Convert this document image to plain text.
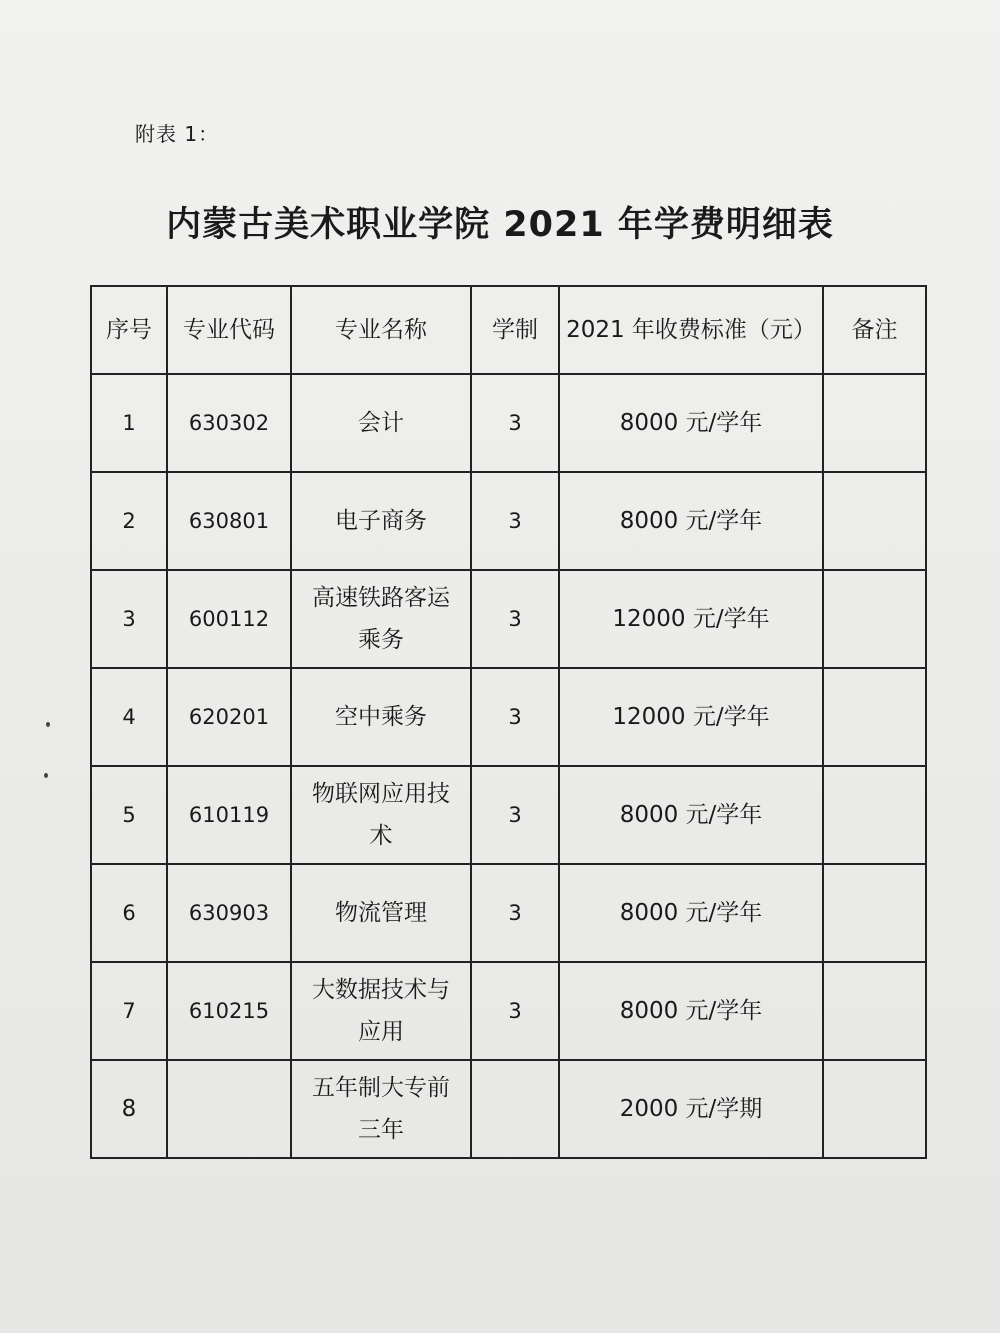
附表 1：
内蒙古美术职业学院 2021 年学费明细表
序号	专业代码	专业名称	学制	2021 年收费标准（元）	备注
1	630302	会计	3	8000 元/学年	
2	630801	电子商务	3	8000 元/学年	
3	600112	高速铁路客运乘务	3	12000 元/学年	
4	620201	空中乘务	3	12000 元/学年	
5	610119	物联网应用技术	3	8000 元/学年	
6	630903	物流管理	3	8000 元/学年	
7	610215	大数据技术与应用	3	8000 元/学年	
8		五年制大专前三年		2000 元/学期	
